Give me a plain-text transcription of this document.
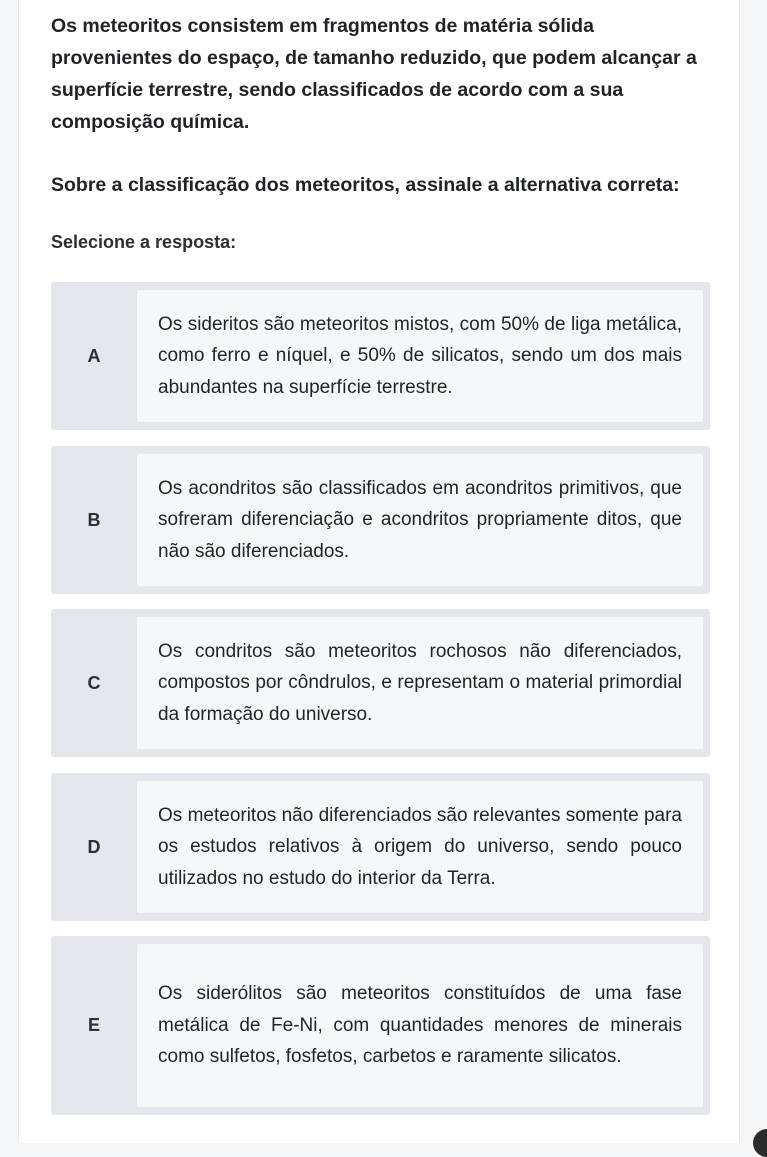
Os meteoritos consistem em fragmentos de matéria sólida provenientes do espaço, de tamanho reduzido, que podem alcançar a superfície terrestre, sendo classificados de acordo com a sua composição química.

Sobre a classificação dos meteoritos, assinale a alternativa correta:

Selecione a resposta:
A
Os sideritos são meteoritos mistos, com 50% de liga metálica, como ferro e níquel, e 50% de silicatos, sendo um dos mais abundantes na superfície terrestre.
B
Os acondritos são classificados em acondritos primitivos, que sofreram diferenciação e acondritos propriamente ditos, que não são diferenciados.
C
Os condritos são meteoritos rochosos não diferenciados, compostos por côndrulos, e representam o material primordial da formação do universo.
D
Os meteoritos não diferenciados são relevantes somente para os estudos relativos à origem do universo, sendo pouco utilizados no estudo do interior da Terra.
E
Os siderólitos são meteoritos constituídos de uma fase metálica de Fe-Ni, com quantidades menores de minerais como sulfetos, fosfetos, carbetos e raramente silicatos.
